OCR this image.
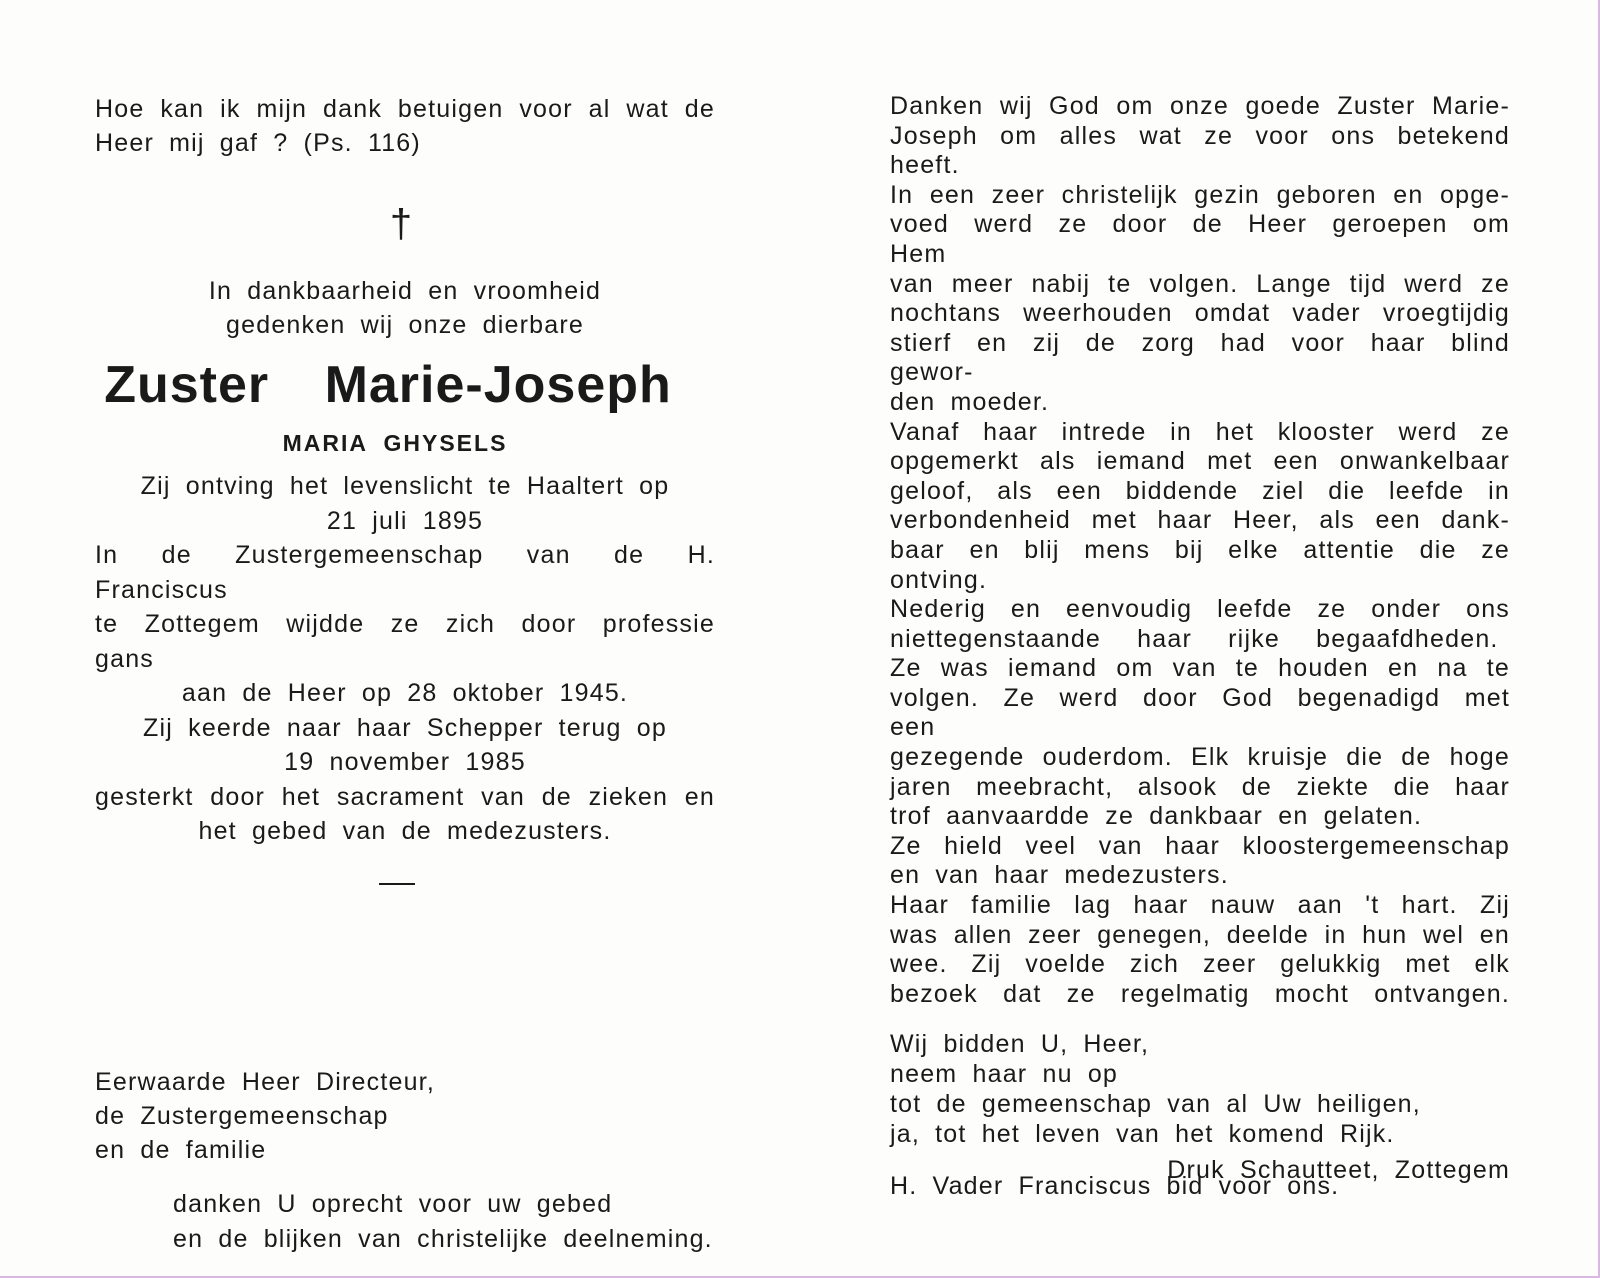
Hoe kan ik mijn dank betuigen voor al wat de

Heer mij gaf ? (Ps. 116)

†

In dankbaarheid en vroomheid

gedenken wij onze dierbare

Zuster Marie-Joseph
MARIA GHYSELS

Zij ontving het levenslicht te Haaltert op

21 juli 1895

In de Zustergemeenschap van de H. Franciscus

te Zottegem wijdde ze zich door professie gans

aan de Heer op 28 oktober 1945.

Zij keerde naar haar Schepper terug op

19 november 1985

gesterkt door het sacrament van de zieken en

het gebed van de medezusters.

Eerwaarde Heer Directeur,

de Zustergemeenschap

en de familie

danken U oprecht voor uw gebed

en de blijken van christelijke deelneming.

Danken wij God om onze goede Zuster Marie-

Joseph om alles wat ze voor ons betekend heeft.

In een zeer christelijk gezin geboren en opge-

voed werd ze door de Heer geroepen om Hem

van meer nabij te volgen. Lange tijd werd ze

nochtans weerhouden omdat vader vroegtijdig

stierf en zij de zorg had voor haar blind gewor-

den moeder.

Vanaf haar intrede in het klooster werd ze

opgemerkt als iemand met een onwankelbaar

geloof, als een biddende ziel die leefde in

verbondenheid met haar Heer, als een dank-

baar en blij mens bij elke attentie die ze

ontving.

Nederig en eenvoudig leefde ze onder ons

niettegenstaande haar rijke begaafdheden.

Ze was iemand om van te houden en na te

volgen. Ze werd door God begenadigd met een

gezegende ouderdom. Elk kruisje die de hoge

jaren meebracht, alsook de ziekte die haar

trof aanvaardde ze dankbaar en gelaten.

Ze hield veel van haar kloostergemeenschap

en van haar medezusters.

Haar familie lag haar nauw aan 't hart. Zij

was allen zeer genegen, deelde in hun wel en

wee. Zij voelde zich zeer gelukkig met elk

bezoek dat ze regelmatig mocht ontvangen.

Wij bidden U, Heer,

neem haar nu op

tot de gemeenschap van al Uw heiligen,

ja, tot het leven van het komend Rijk.

H. Vader Franciscus bid voor ons.

Druk Schautteet, Zottegem
